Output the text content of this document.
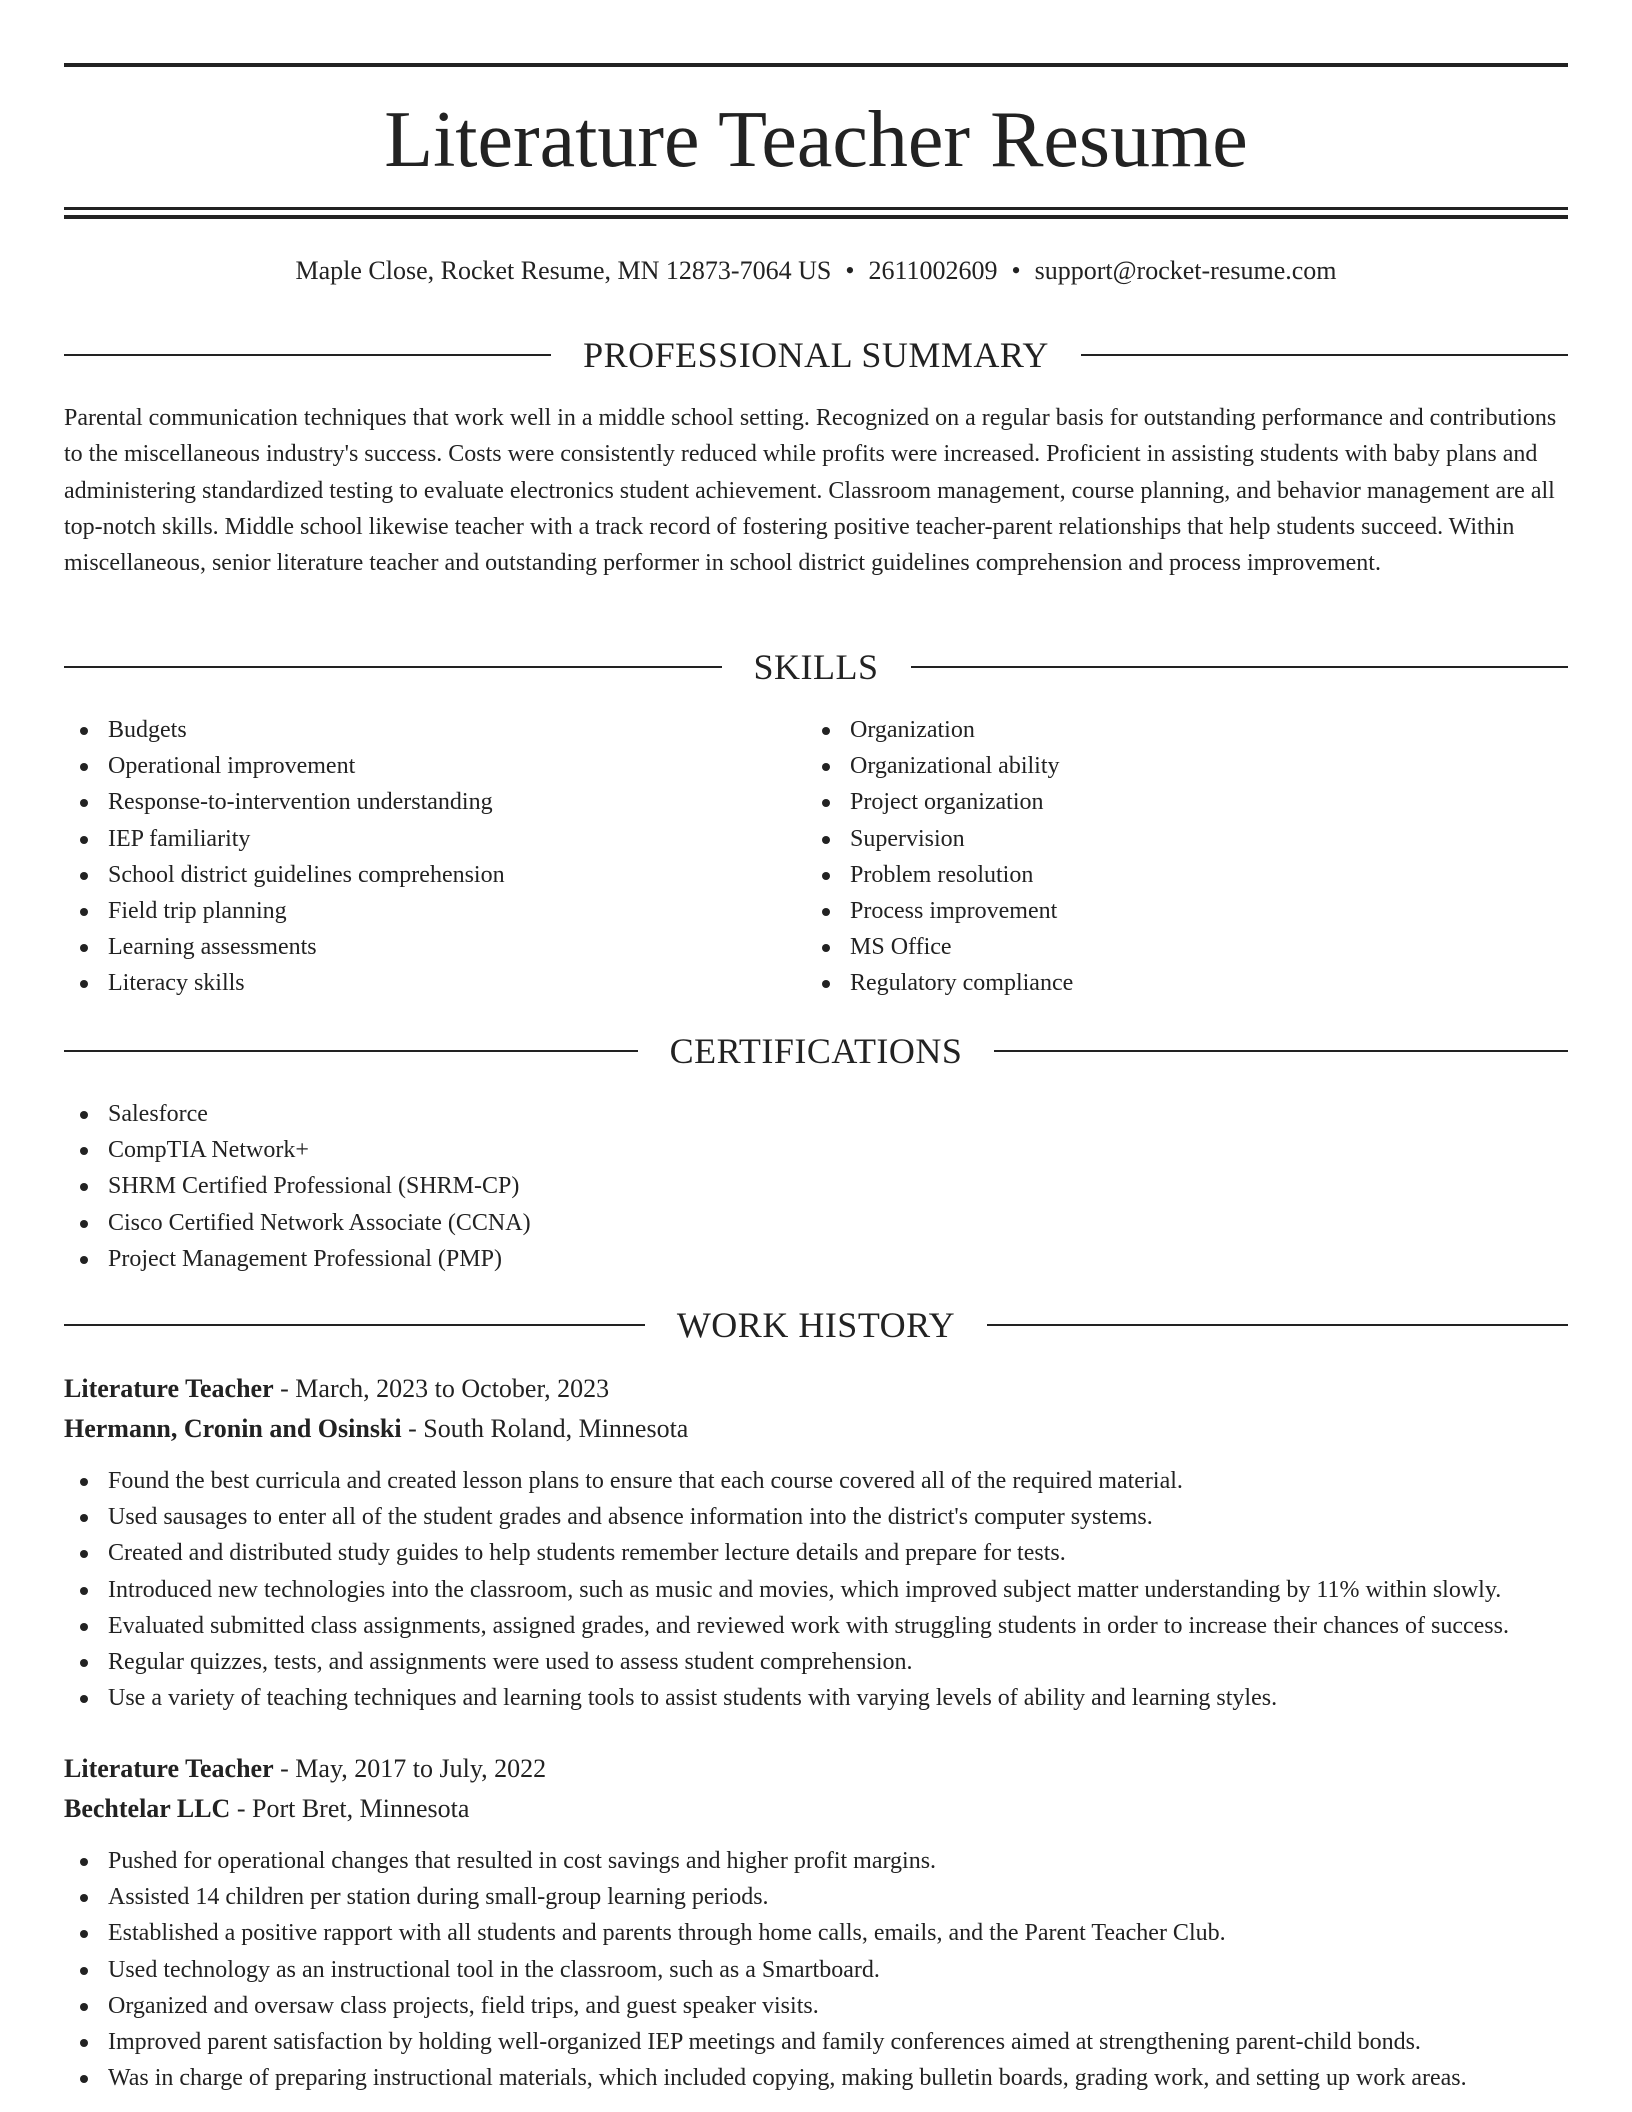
Literature Teacher Resume
Maple Close, Rocket Resume, MN 12873-7064 US • 2611002609 • support@rocket-resume.com
PROFESSIONAL SUMMARY

Parental communication techniques that work well in a middle school setting. Recognized on a regular basis for outstanding performance and contributions to the miscellaneous industry's success. Costs were consistently reduced while profits were increased. Proficient in assisting students with baby plans and administering standardized testing to evaluate electronics student achievement. Classroom management, course planning, and behavior management are all top-notch skills. Middle school likewise teacher with a track record of fostering positive teacher-parent relationships that help students succeed. Within miscellaneous, senior literature teacher and outstanding performer in school district guidelines comprehension and process improvement.

SKILLS
Budgets
Operational improvement
Response-to-intervention understanding
IEP familiarity
School district guidelines comprehension
Field trip planning
Learning assessments
Literacy skills
Organization
Organizational ability
Project organization
Supervision
Problem resolution
Process improvement
MS Office
Regulatory compliance
CERTIFICATIONS
Salesforce
CompTIA Network+
SHRM Certified Professional (SHRM-CP)
Cisco Certified Network Associate (CCNA)
Project Management Professional (PMP)
WORK HISTORY
Literature Teacher - March, 2023 to October, 2023
Hermann, Cronin and Osinski - South Roland, Minnesota
Found the best curricula and created lesson plans to ensure that each course covered all of the required material.
Used sausages to enter all of the student grades and absence information into the district's computer systems.
Created and distributed study guides to help students remember lecture details and prepare for tests.
Introduced new technologies into the classroom, such as music and movies, which improved subject matter understanding by 11% within slowly.
Evaluated submitted class assignments, assigned grades, and reviewed work with struggling students in order to increase their chances of success.
Regular quizzes, tests, and assignments were used to assess student comprehension.
Use a variety of teaching techniques and learning tools to assist students with varying levels of ability and learning styles.
Literature Teacher - May, 2017 to July, 2022
Bechtelar LLC - Port Bret, Minnesota
Pushed for operational changes that resulted in cost savings and higher profit margins.
Assisted 14 children per station during small-group learning periods.
Established a positive rapport with all students and parents through home calls, emails, and the Parent Teacher Club.
Used technology as an instructional tool in the classroom, such as a Smartboard.
Organized and oversaw class projects, field trips, and guest speaker visits.
Improved parent satisfaction by holding well-organized IEP meetings and family conferences aimed at strengthening parent-child bonds.
Was in charge of preparing instructional materials, which included copying, making bulletin boards, grading work, and setting up work areas.
